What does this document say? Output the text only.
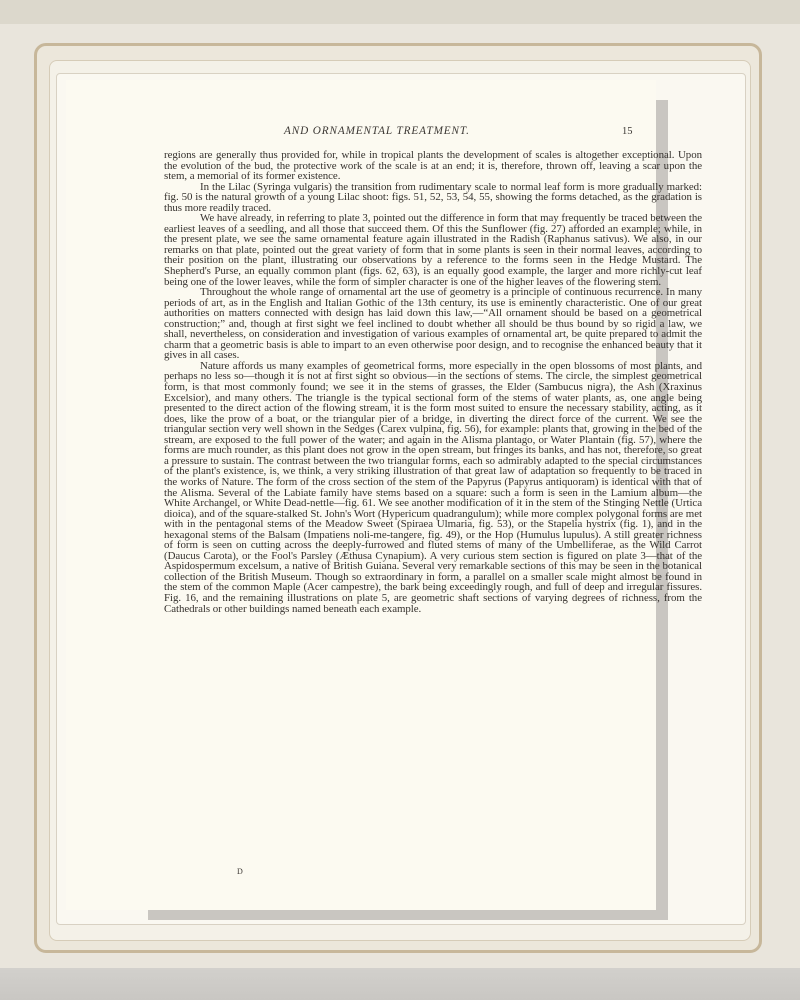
AND ORNAMENTAL TREATMENT.	15

regions are generally thus provided for, while in tropical plants the development of scales is altogether exceptional. Upon the evolution of the bud, the protective work of the scale is at an end; it is, therefore, thrown off, leaving a scar upon the stem, a memorial of its former existence.

In the Lilac (Syringa vulgaris) the transition from rudimentary scale to normal leaf form is more gradually marked: fig. 50 is the natural growth of a young Lilac shoot: figs. 51, 52, 53, 54, 55, showing the forms detached, as the gradation is thus more readily traced.

We have already, in referring to plate 3, pointed out the difference in form that may frequently be traced between the earliest leaves of a seedling, and all those that succeed them. Of this the Sunflower (fig. 27) afforded an example; while, in the present plate, we see the same ornamental feature again illustrated in the Radish (Raphanus sativus). We also, in our remarks on that plate, pointed out the great variety of form that in some plants is seen in their normal leaves, according to their position on the plant, illustrating our observations by a reference to the forms seen in the Hedge Mustard. The Shepherd's Purse, an equally common plant (figs. 62, 63), is an equally good example, the larger and more richly-cut leaf being one of the lower leaves, while the form of simpler character is one of the higher leaves of the flowering stem.

Throughout the whole range of ornamental art the use of geometry is a principle of continuous recurrence. In many periods of art, as in the English and Italian Gothic of the 13th century, its use is eminently characteristic. One of our great authorities on matters connected with design has laid down this law,—“All ornament should be based on a geometrical construction;” and, though at first sight we feel inclined to doubt whether all should be thus bound by so rigid a law, we shall, nevertheless, on consideration and investigation of various examples of ornamental art, be quite prepared to admit the charm that a geometric basis is able to impart to an even otherwise poor design, and to recognise the enhanced beauty that it gives in all cases.

Nature affords us many examples of geometrical forms, more especially in the open blossoms of most plants, and perhaps no less so—though it is not at first sight so obvious—in the sections of stems. The circle, the simplest geometrical form, is that most commonly found; we see it in the stems of grasses, the Elder (Sambucus nigra), the Ash (Xraxinus Excelsior), and many others. The triangle is the typical sectional form of the stems of water plants, as, one angle being presented to the direct action of the flowing stream, it is the form most suited to ensure the necessary stability, acting, as it does, like the prow of a boat, or the triangular pier of a bridge, in diverting the direct force of the current. We see the triangular section very well shown in the Sedges (Carex vulpina, fig. 56), for example: plants that, growing in the bed of the stream, are exposed to the full power of the water; and again in the Alisma plantago, or Water Plantain (fig. 57), where the forms are much rounder, as this plant does not grow in the open stream, but fringes its banks, and has not, therefore, so great a pressure to sustain. The contrast between the two triangular forms, each so admirably adapted to the special circumstances of the plant's existence, is, we think, a very striking illustration of that great law of adaptation so frequently to be traced in the works of Nature. The form of the cross section of the stem of the Papyrus (Papyrus antiquoram) is identical with that of the Alisma. Several of the Labiate family have stems based on a square: such a form is seen in the Lamium album—the White Archangel, or White Dead-nettle—fig. 61. We see another modification of it in the stem of the Stinging Nettle (Urtica dioica), and of the square-stalked St. John's Wort (Hypericum quadrangulum); while more complex polygonal forms are met with in the pentagonal stems of the Meadow Sweet (Spiraea Ulmaria, fig. 53), or the Stapelia hystrix (fig. 1), and in the hexagonal stems of the Balsam (Impatiens noli-me-tangere, fig. 49), or the Hop (Humulus lupulus). A still greater richness of form is seen on cutting across the deeply-furrowed and fluted stems of many of the Umbelliferae, as the Wild Carrot (Daucus Carota), or the Fool's Parsley (Æthusa Cynapium). A very curious stem section is figured on plate 3—that of the Aspidospermum excelsum, a native of British Guiana. Several very remarkable sections of this may be seen in the botanical collection of the British Museum. Though so extraordinary in form, a parallel on a smaller scale might almost be found in the stem of the common Maple (Acer campestre), the bark being exceedingly rough, and full of deep and irregular fissures. Fig. 16, and the remaining illustrations on plate 5, are geometric shaft sections of varying degrees of richness, from the Cathedrals or other buildings named beneath each example.

D
